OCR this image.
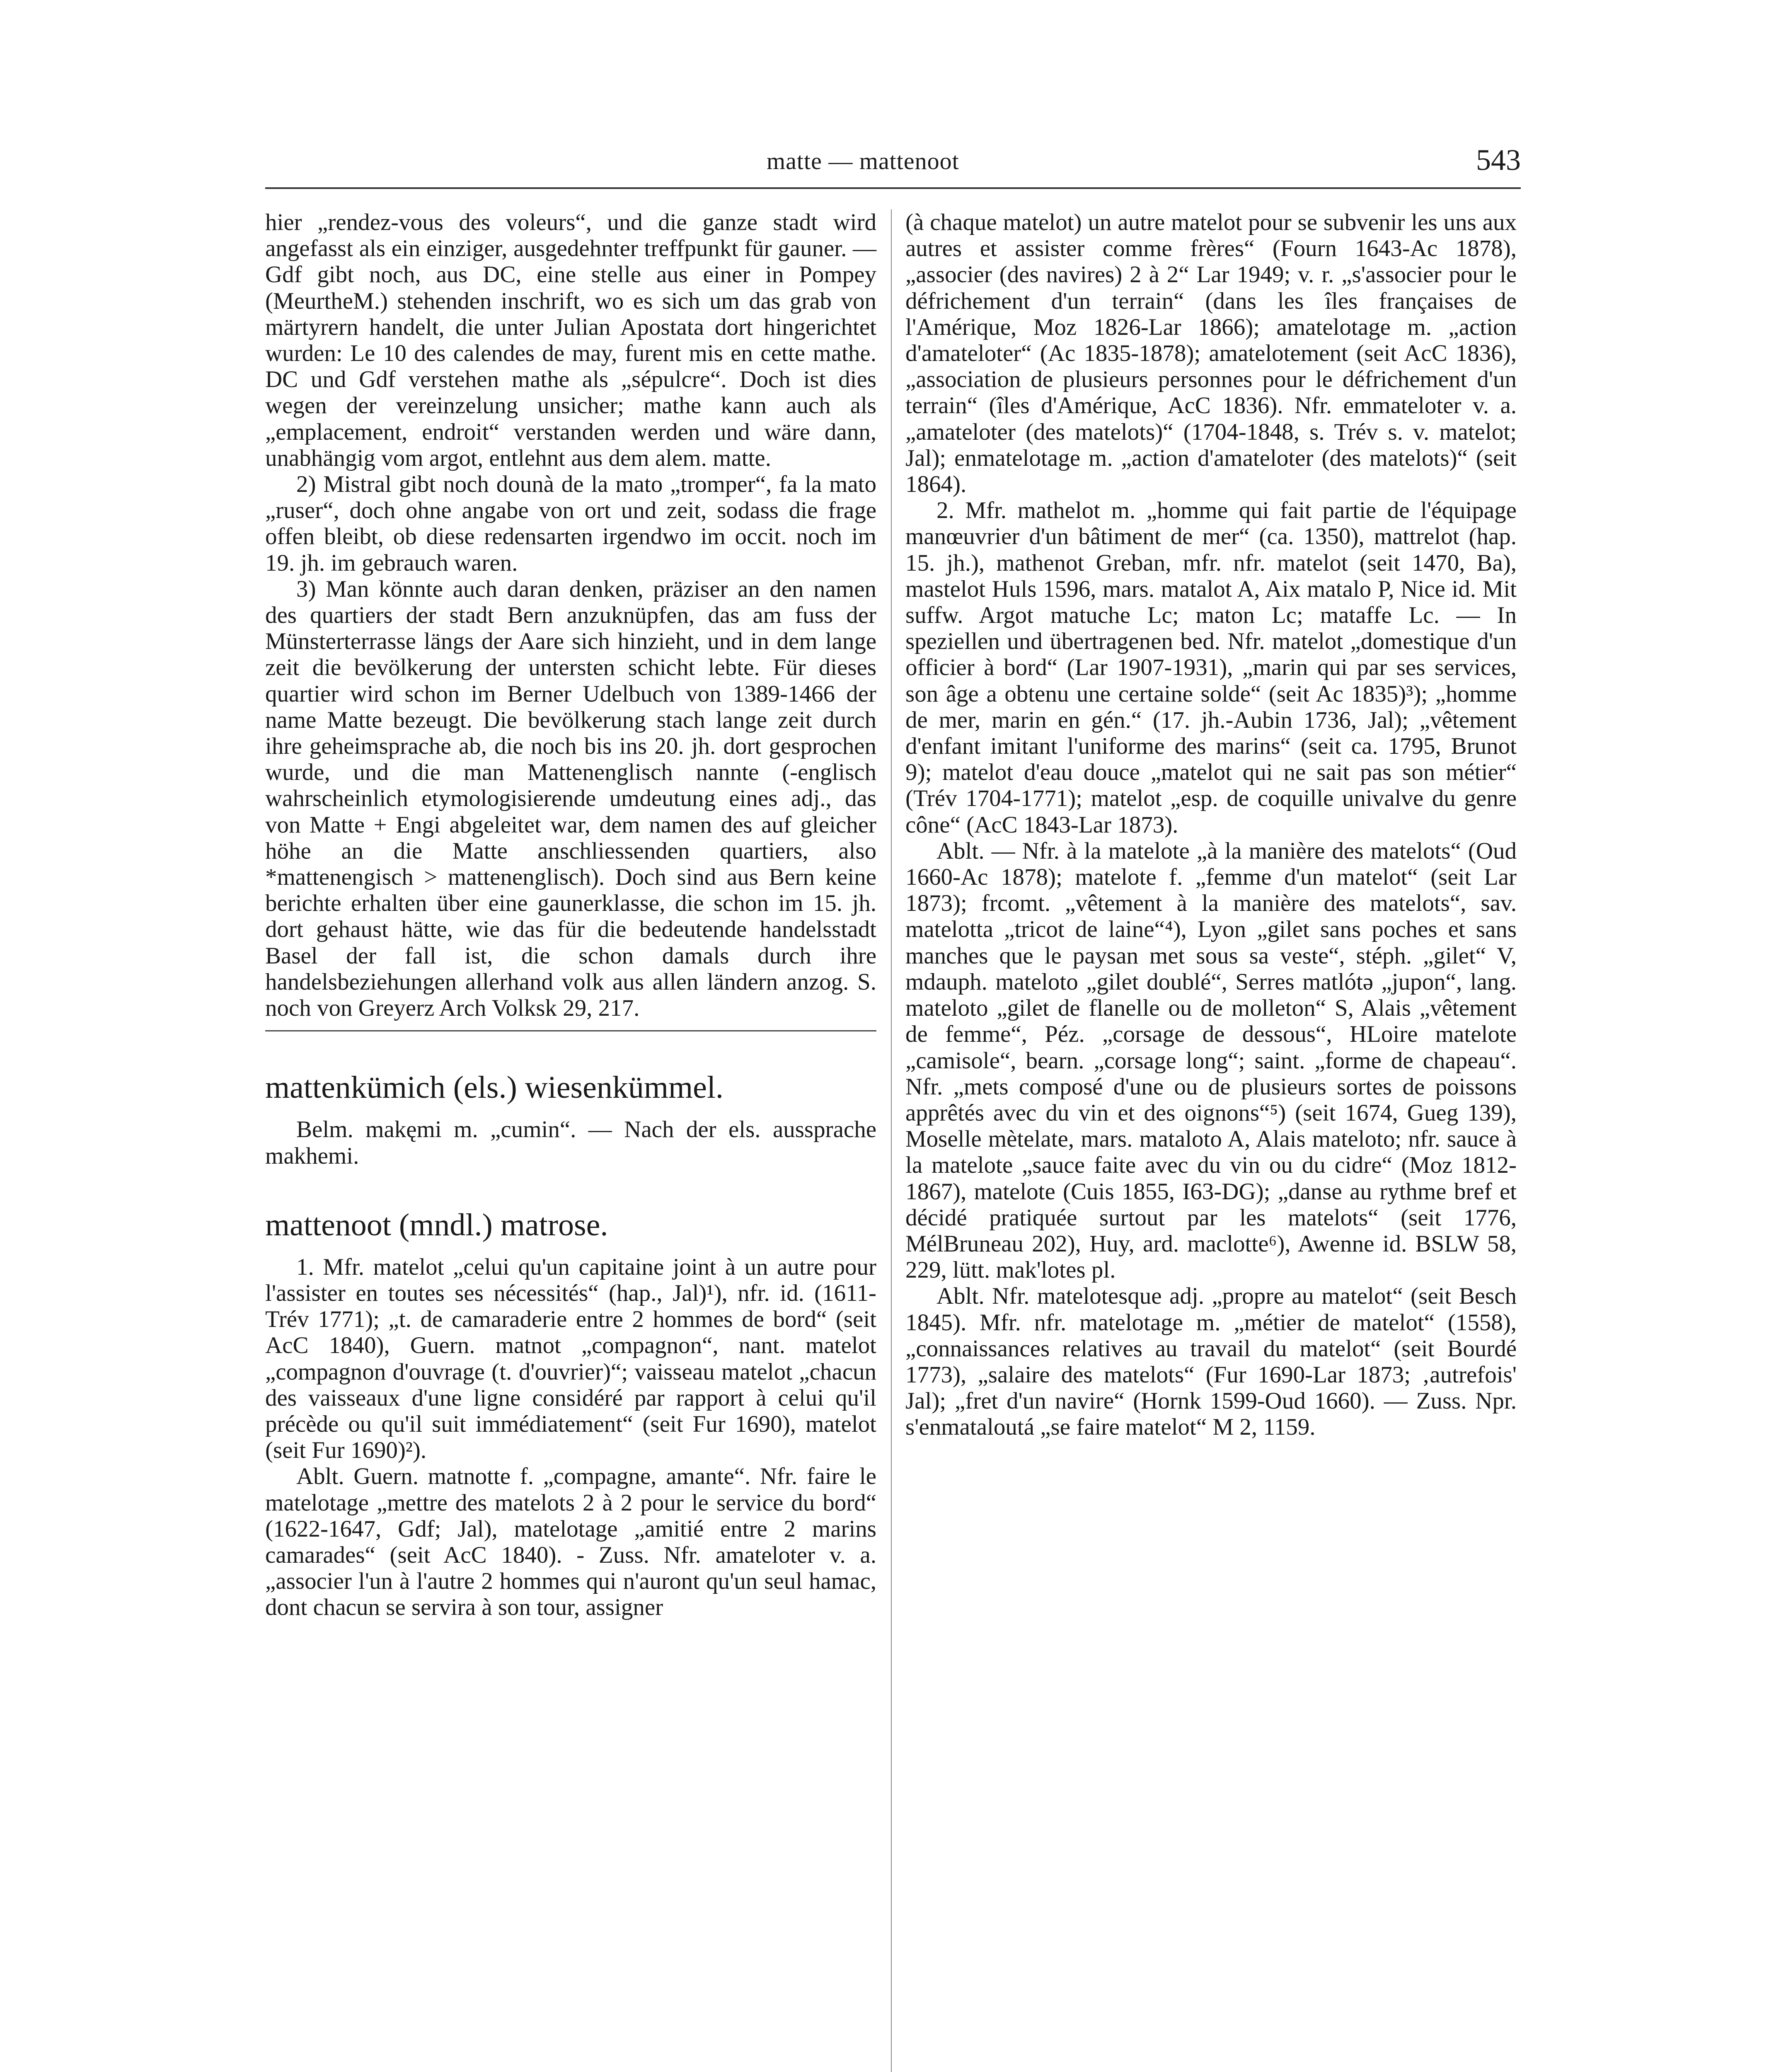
matte — mattenoot	543

hier „rendez-vous des voleurs“, und die ganze stadt wird angefasst als ein einziger, ausgedehnter treffpunkt für gauner. — Gdf gibt noch, aus DC, eine stelle aus einer in Pompey (MeurtheM.) stehenden inschrift, wo es sich um das grab von märtyrern handelt, die unter Julian Apostata dort hingerichtet wurden: Le 10 des calendes de may, furent mis en cette mathe. DC und Gdf verstehen mathe als „sépulcre“. Doch ist dies wegen der vereinzelung unsicher; mathe kann auch als „emplacement, endroit“ verstanden werden und wäre dann, unabhängig vom argot, entlehnt aus dem alem. matte.

2) Mistral gibt noch dounà de la mato „tromper“, fa la mato „ruser“, doch ohne angabe von ort und zeit, sodass die frage offen bleibt, ob diese redensarten irgendwo im occit. noch im 19. jh. im gebrauch waren.

3) Man könnte auch daran denken, präziser an den namen des quartiers der stadt Bern anzuknüpfen, das am fuss der Münsterterrasse längs der Aare sich hinzieht, und in dem lange zeit die bevölkerung der untersten schicht lebte. Für dieses quartier wird schon im Berner Udelbuch von 1389-1466 der name Matte bezeugt. Die bevölkerung stach lange zeit durch ihre geheimsprache ab, die noch bis ins 20. jh. dort gesprochen wurde, und die man Mattenenglisch nannte (-englisch wahrscheinlich etymologisierende umdeutung eines adj., das von Matte + Engi abgeleitet war, dem namen des auf gleicher höhe an die Matte anschliessenden quartiers, also *mattenengisch > mattenenglisch). Doch sind aus Bern keine berichte erhalten über eine gaunerklasse, die schon im 15. jh. dort gehaust hätte, wie das für die bedeutende handelsstadt Basel der fall ist, die schon damals durch ihre handelsbeziehungen allerhand volk aus allen ländern anzog. S. noch von Greyerz Arch Volksk 29, 217.

mattenkümich (els.) wiesenkümmel.

Belm. makęmi m. „cumin“. — Nach der els. aussprache makhemi.

mattenoot (mndl.) matrose.

1. Mfr. matelot „celui qu'un capitaine joint à un autre pour l'assister en toutes ses nécessités“ (hap., Jal)¹), nfr. id. (1611-Trév 1771); „t. de camaraderie entre 2 hommes de bord“ (seit AcC 1840), Guern. matnot „compagnon“, nant. matelot „compagnon d'ouvrage (t. d'ouvrier)“; vaisseau matelot „chacun des vaisseaux d'une ligne considéré par rapport à celui qu'il précède ou qu'il suit immédiatement“ (seit Fur 1690), matelot (seit Fur 1690)²).

Ablt. Guern. matnotte f. „compagne, amante“. Nfr. faire le matelotage „mettre des matelots 2 à 2 pour le service du bord“ (1622-1647, Gdf; Jal), matelotage „amitié entre 2 marins camarades“ (seit AcC 1840). - Zuss. Nfr. amateloter v. a. „associer l'un à l'autre 2 hommes qui n'auront qu'un seul hamac, dont chacun se servira à son tour, assigner

(à chaque matelot) un autre matelot pour se subvenir les uns aux autres et assister comme frères“ (Fourn 1643-Ac 1878), „associer (des navires) 2 à 2“ Lar 1949; v. r. „s'associer pour le défrichement d'un terrain“ (dans les îles françaises de l'Amérique, Moz 1826-Lar 1866); amatelotage m. „action d'amateloter“ (Ac 1835-1878); amatelotement (seit AcC 1836), „association de plusieurs personnes pour le défrichement d'un terrain“ (îles d'Amérique, AcC 1836). Nfr. emmateloter v. a. „amateloter (des matelots)“ (1704-1848, s. Trév s. v. matelot; Jal); enmatelotage m. „action d'amateloter (des matelots)“ (seit 1864).

2. Mfr. mathelot m. „homme qui fait partie de l'équipage manœuvrier d'un bâtiment de mer“ (ca. 1350), mattrelot (hap. 15. jh.), mathenot Greban, mfr. nfr. matelot (seit 1470, Ba), mastelot Huls 1596, mars. matalot A, Aix matalo P, Nice id. Mit suffw. Argot matuche Lc; maton Lc; mataffe Lc. — In speziellen und übertragenen bed. Nfr. matelot „domestique d'un officier à bord“ (Lar 1907-1931), „marin qui par ses services, son âge a obtenu une certaine solde“ (seit Ac 1835)³); „homme de mer, marin en gén.“ (17. jh.-Aubin 1736, Jal); „vêtement d'enfant imitant l'uniforme des marins“ (seit ca. 1795, Brunot 9); matelot d'eau douce „matelot qui ne sait pas son métier“ (Trév 1704-1771); matelot „esp. de coquille univalve du genre cône“ (AcC 1843-Lar 1873).

Ablt. — Nfr. à la matelote „à la manière des matelots“ (Oud 1660-Ac 1878); matelote f. „femme d'un matelot“ (seit Lar 1873); frcomt. „vêtement à la manière des matelots“, sav. matelotta „tricot de laine“⁴), Lyon „gilet sans poches et sans manches que le paysan met sous sa veste“, stéph. „gilet“ V, mdauph. mateloto „gilet doublé“, Serres matlótə „jupon“, lang. mateloto „gilet de flanelle ou de molleton“ S, Alais „vêtement de femme“, Péz. „corsage de dessous“, HLoire matelote „camisole“, bearn. „corsage long“; saint. „forme de chapeau“. Nfr. „mets composé d'une ou de plusieurs sortes de poissons apprêtés avec du vin et des oignons“⁵) (seit 1674, Gueg 139), Moselle mètelate, mars. mataloto A, Alais mateloto; nfr. sauce à la matelote „sauce faite avec du vin ou du cidre“ (Moz 1812-1867), matelote (Cuis 1855, I63-DG); „danse au rythme bref et décidé pratiquée surtout par les matelots“ (seit 1776, MélBruneau 202), Huy, ard. maclotte⁶), Awenne id. BSLW 58, 229, lütt. mak'lotes pl.

Ablt. Nfr. matelotesque adj. „propre au matelot“ (seit Besch 1845). Mfr. nfr. matelotage m. „métier de matelot“ (1558), „connaissances relatives au travail du matelot“ (seit Bourdé 1773), „salaire des matelots“ (Fur 1690-Lar 1873; ‚autrefois' Jal); „fret d'un navire“ (Hornk 1599-Oud 1660). — Zuss. Npr. s'enmataloutá „se faire matelot“ M 2, 1159.
